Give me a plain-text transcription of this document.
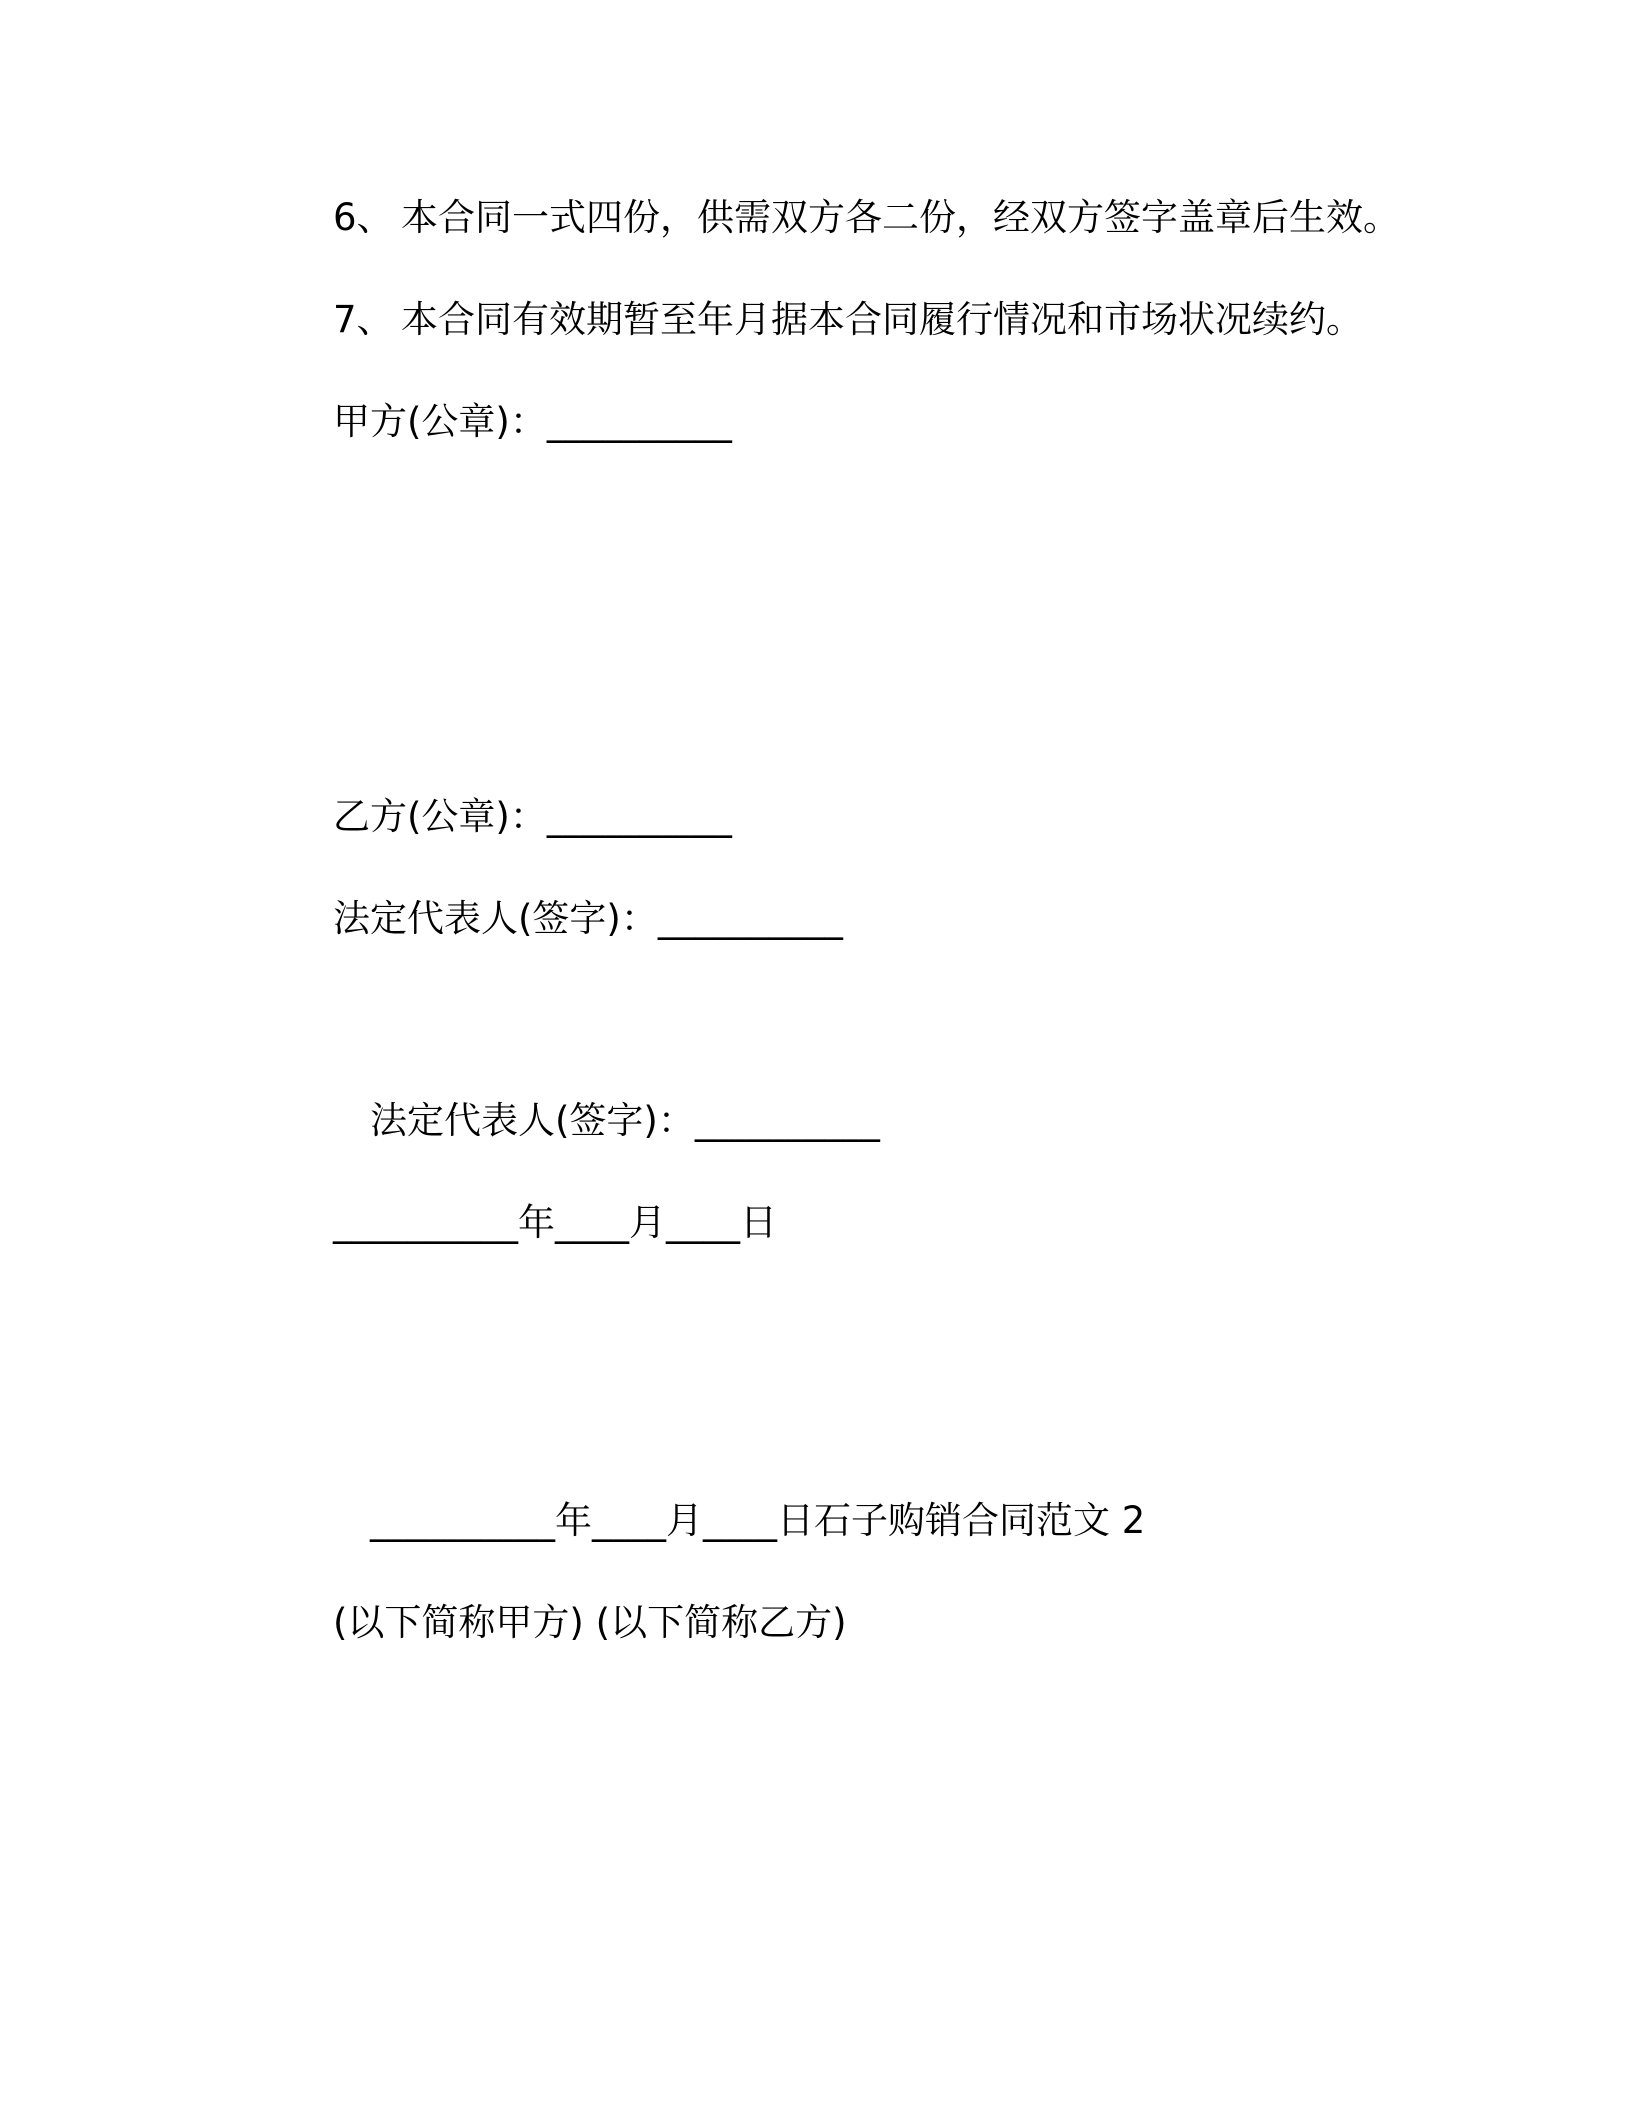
6、 本合同一式四份，供需双方各二份，经双方签字盖章后生效。
7、 本合同有效期暂至年月据本合同履行情况和市场状况续约。
甲方(公章)：__________
乙方(公章)：__________
法定代表人(签字)：__________
法定代表人(签字)：__________
__________年____月____日
__________年____月____日石子购销合同范文 2
(以下简称甲方) (以下简称乙方)
